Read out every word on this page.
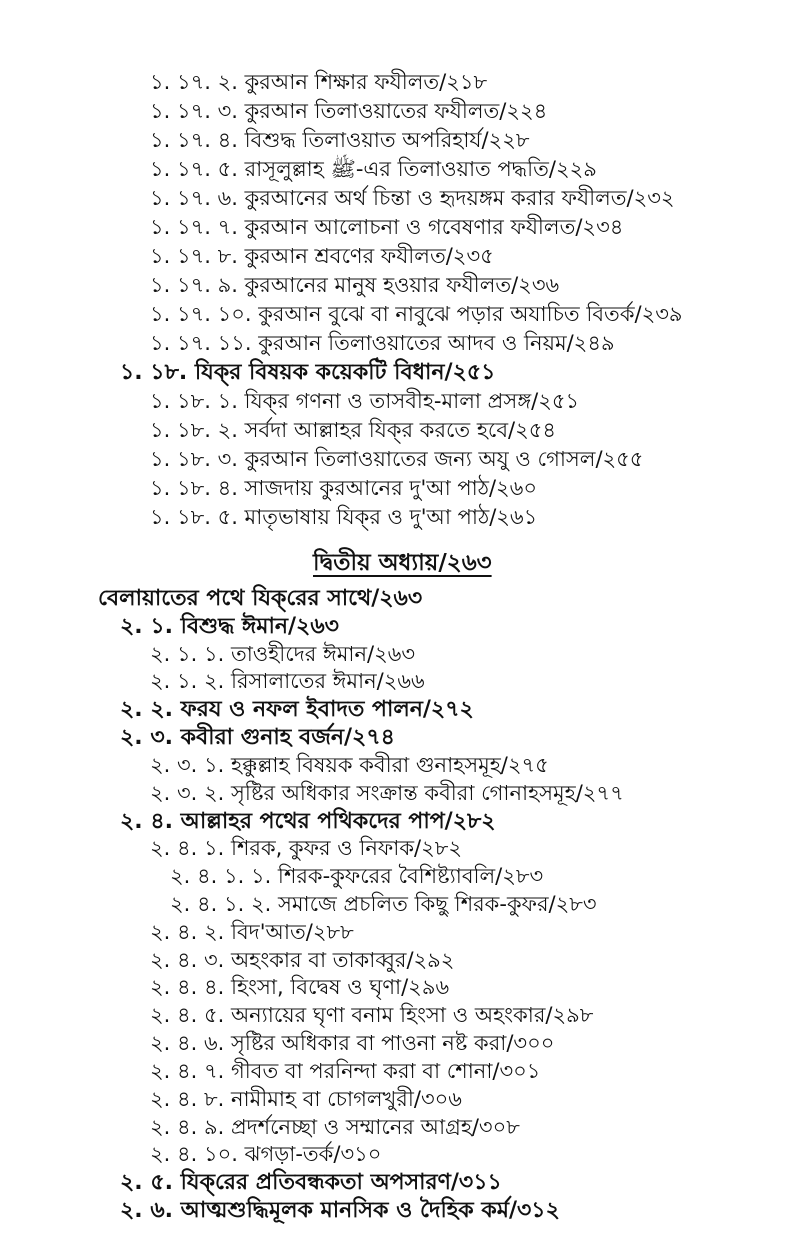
১. ১৭. ২. কুরআন শিক্ষার ফযীলত/২১৮
১. ১৭. ৩. কুরআন তিলাওয়াতের ফযীলত/২২৪
১. ১৭. ৪. বিশুদ্ধ তিলাওয়াত অপরিহার্য/২২৮
১. ১৭. ৫. রাসূলুল্লাহ ﷺ-এর তিলাওয়াত পদ্ধতি/২২৯
১. ১৭. ৬. কুরআনের অর্থ চিন্তা ও হৃদয়ঙ্গম করার ফযীলত/২৩২
১. ১৭. ৭. কুরআন আলোচনা ও গবেষণার ফযীলত/২৩৪
১. ১৭. ৮. কুরআন শ্রবণের ফযীলত/২৩৫
১. ১৭. ৯. কুরআনের মানুষ হওয়ার ফযীলত/২৩৬
১. ১৭. ১০. কুরআন বুঝে বা নাবুঝে পড়ার অযাচিত বিতর্ক/২৩৯
১. ১৭. ১১. কুরআন তিলাওয়াতের আদব ও নিয়ম/২৪৯
১. ১৮. যিক্‌র বিষয়ক কয়েকটি বিধান/২৫১
১. ১৮. ১. যিক্‌র গণনা ও তাসবীহ-মালা প্রসঙ্গ/২৫১
১. ১৮. ২. সর্বদা আল্লাহর যিক্‌র করতে হবে/২৫৪
১. ১৮. ৩. কুরআন তিলাওয়াতের জন্য অযু ও গোসল/২৫৫
১. ১৮. ৪. সাজদায় কুরআনের দু'আ পাঠ/২৬০
১. ১৮. ৫. মাতৃভাষায় যিক্‌র ও দু'আ পাঠ/২৬১
দ্বিতীয় অধ্যায়/২৬৩
বেলায়াতের পথে যিক্‌রের সাথে/২৬৩
২. ১. বিশুদ্ধ ঈমান/২৬৩
২. ১. ১. তাওহীদের ঈমান/২৬৩
২. ১. ২. রিসালাতের ঈমান/২৬৬
২. ২. ফরয ও নফল ইবাদত পালন/২৭২
২. ৩. কবীরা গুনাহ বর্জন/২৭৪
২. ৩. ১. হক্কুল্লাহ বিষয়ক কবীরা গুনাহসমূহ/২৭৫
২. ৩. ২. সৃষ্টির অধিকার সংক্রান্ত কবীরা গোনাহসমূহ/২৭৭
২. ৪. আল্লাহর পথের পথিকদের পাপ/২৮২
২. ৪. ১. শিরক, কুফর ও নিফাক/২৮২
২. ৪. ১. ১. শিরক-কুফরের বৈশিষ্ট্যাবলি/২৮৩
২. ৪. ১. ২. সমাজে প্রচলিত কিছু শিরক-কুফর/২৮৩
২. ৪. ২. বিদ'আত/২৮৮
২. ৪. ৩. অহংকার বা তাকাব্বুর/২৯২
২. ৪. ৪. হিংসা, বিদ্বেষ ও ঘৃণা/২৯৬
২. ৪. ৫. অন্যায়ের ঘৃণা বনাম হিংসা ও অহংকার/২৯৮
২. ৪. ৬. সৃষ্টির অধিকার বা পাওনা নষ্ট করা/৩০০
২. ৪. ৭. গীবত বা পরনিন্দা করা বা শোনা/৩০১
২. ৪. ৮. নামীমাহ বা চোগলখুরী/৩০৬
২. ৪. ৯. প্রদর্শনেচ্ছা ও সম্মানের আগ্রহ/৩০৮
২. ৪. ১০. ঝগড়া-তর্ক/৩১০
২. ৫. যিক্‌রের প্রতিবন্ধকতা অপসারণ/৩১১
২. ৬. আত্মশুদ্ধিমূলক মানসিক ও দৈহিক কর্ম/৩১২
